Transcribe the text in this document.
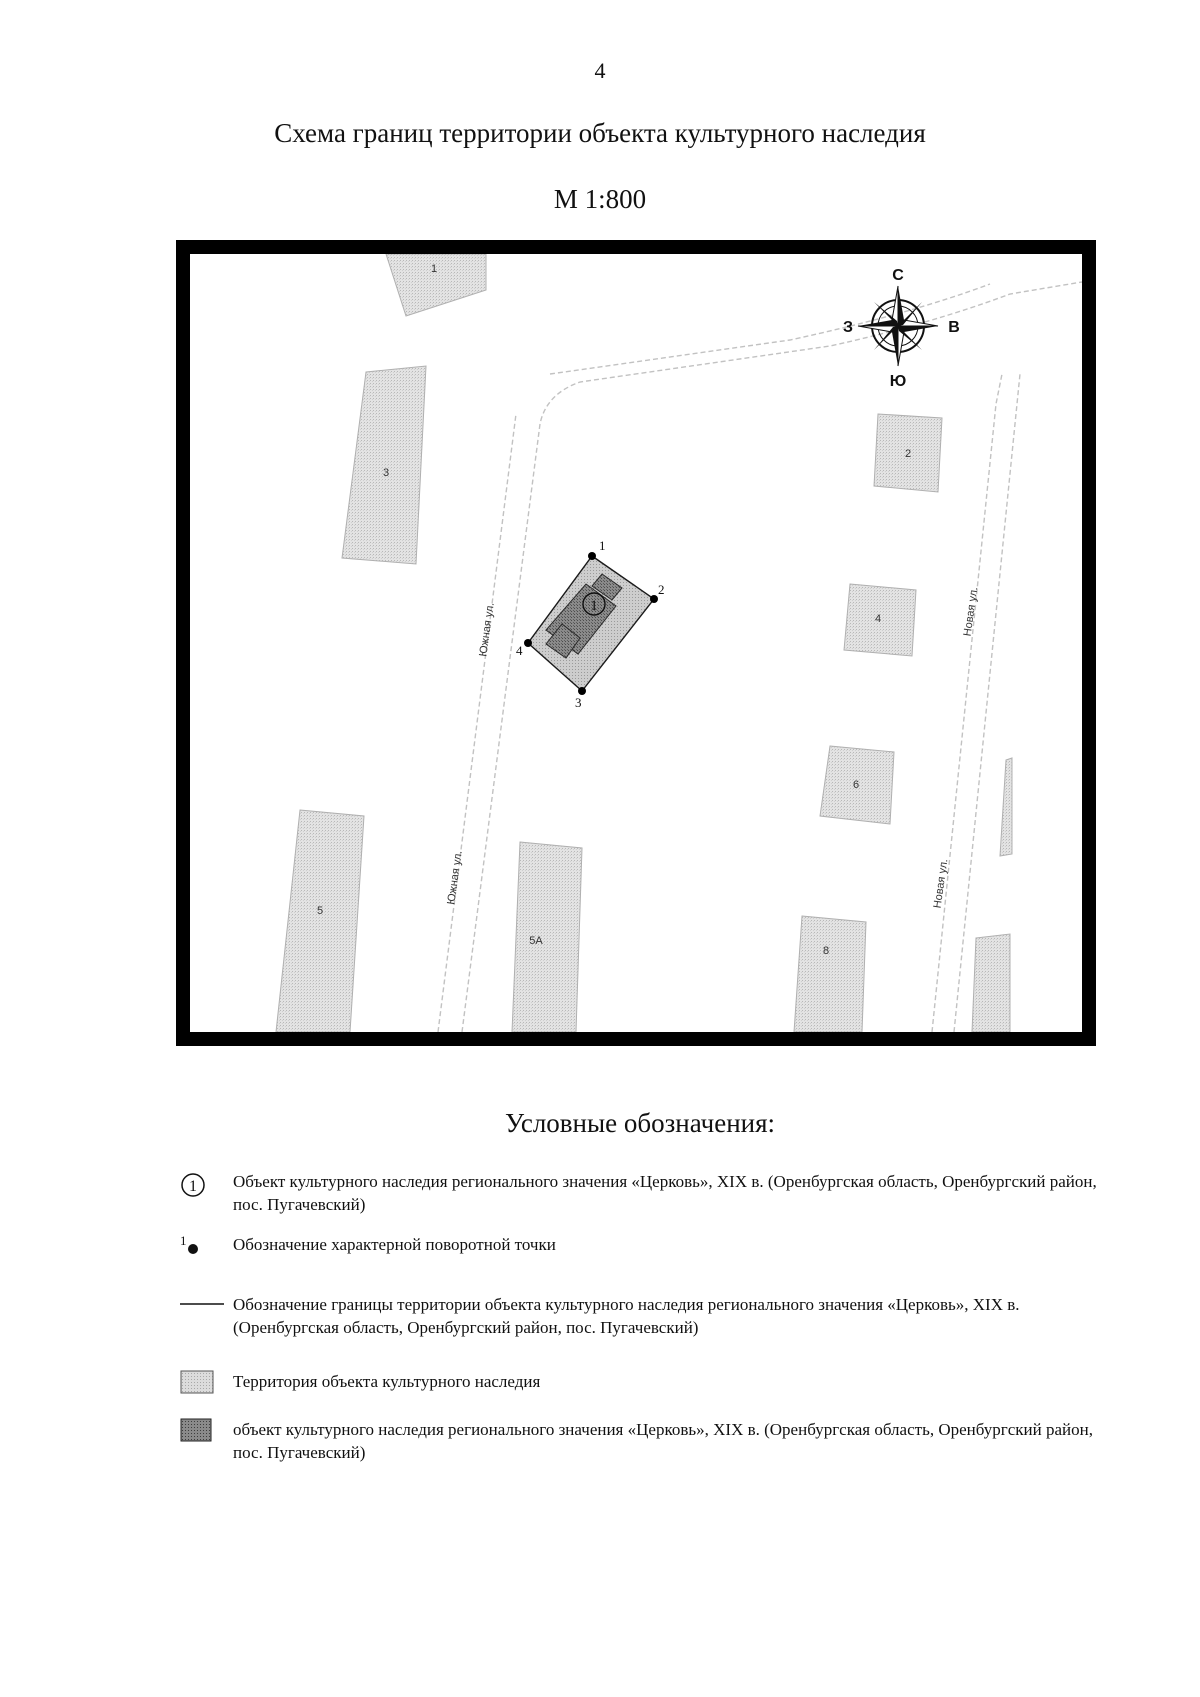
4
Схема границ территории объекта культурного наследия
М 1:800
1
3
2
4
6
5
5А
8
Южная ул.
Южная ул.
Новая ул.
Новая ул.
1
1
2
3
4
С
Ю
В
З
Условные обозначения:
1 Объект культурного наследия регионального значения «Церковь», XIX в. (Оренбургская область, Оренбургский район, пос. Пугачевский)
1	Обозначение характерной поворотной точки
Обозначение границы территории объекта культурного наследия регионального значения «Церковь», XIX в. (Оренбургская область, Оренбургский район, пос. Пугачевский)
Территория объекта культурного наследия
объект культурного наследия регионального значения «Церковь», XIX в. (Оренбургская область, Оренбургский район, пос. Пугачевский)
